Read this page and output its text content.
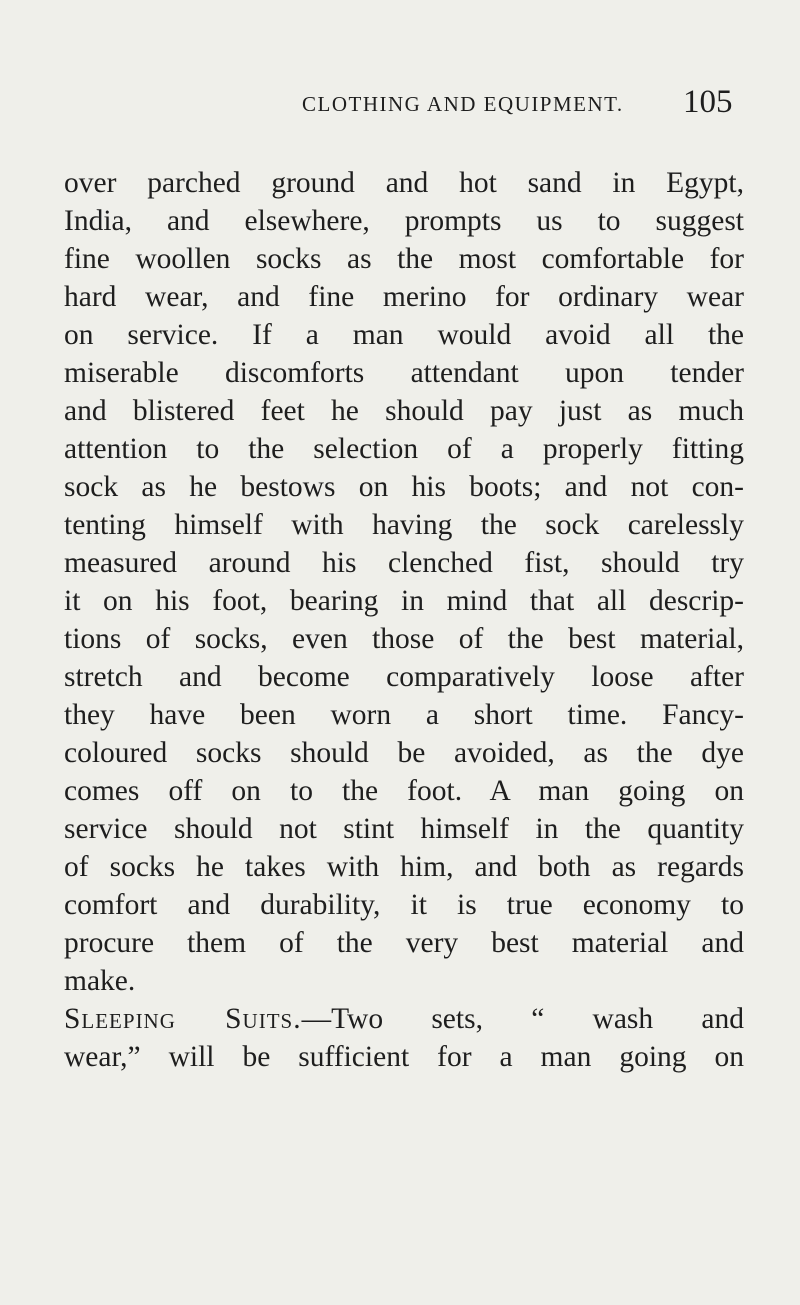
CLOTHING AND EQUIPMENT. 105
over parched ground and hot sand in Egypt,
India, and elsewhere, prompts us to suggest
fine woollen socks as the most comfortable for
hard wear, and fine merino for ordinary wear
on service. If a man would avoid all the
miserable discomforts attendant upon tender
and blistered feet he should pay just as much
attention to the selection of a properly fitting
sock as he bestows on his boots; and not con-
tenting himself with having the sock carelessly
measured around his clenched fist, should try
it on his foot, bearing in mind that all descrip-
tions of socks, even those of the best material,
stretch and become comparatively loose after
they have been worn a short time. Fancy-
coloured socks should be avoided, as the dye
comes off on to the foot. A man going on
service should not stint himself in the quantity
of socks he takes with him, and both as regards
comfort and durability, it is true economy to
procure them of the very best material and
make.
Sleeping Suits.—Two sets, “ wash and
wear,” will be sufficient for a man going on
